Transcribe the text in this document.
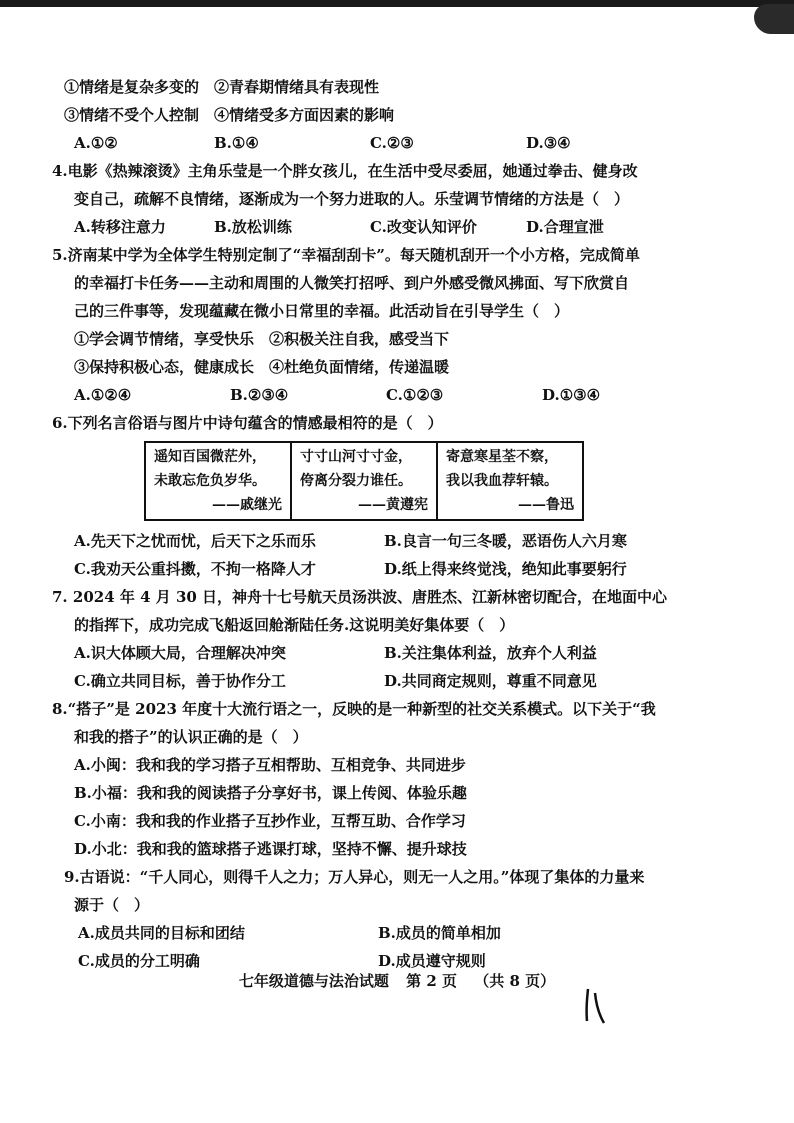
①情绪是复杂多变的　 ②青春期情绪具有表现性
③情绪不受个人控制　 ④情绪受多方面因素的影响
A.①②	B.①④	C.②③	D.③④
4.电影《热辣滚烫》主角乐莹是一个胖女孩儿，在生活中受尽委屈，她通过拳击、健身改
变自己，疏解不良情绪，逐渐成为一个努力进取的人。乐莹调节情绪的方法是（　）
A.转移注意力	B.放松训练	C.改变认知评价	D.合理宣泄
5.济南某中学为全体学生特别定制了“幸福刮刮卡”。每天随机刮开一个小方格，完成简单
的幸福打卡任务——主动和周围的人微笑打招呼、到户外感受微风拂面、写下欣赏自
己的三件事等，发现蕴藏在微小日常里的幸福。此活动旨在引导学生（　）
①学会调节情绪，享受快乐　②积极关注自我，感受当下
③保持积极心态，健康成长　④杜绝负面情绪，传递温暖
A.①②④	B.②③④	C.①②③	D.①③④
6.下列名言俗语与图片中诗句蕴含的情感最相符的是（　）
遥知百国微茫外，
未敢忘危负岁华。
——戚继光

寸寸山河寸寸金，
侉离分裂力谁任。
——黄遵宪

寄意寒星荃不察，
我以我血荐轩辕。
——鲁迅
A.先天下之忧而忧，后天下之乐而乐	B.良言一句三冬暖，恶语伤人六月寒
C.我劝天公重抖擞，不拘一格降人才	D.纸上得来终觉浅，绝知此事要躬行
7. 2024 年 4 月 30 日，神舟十七号航天员汤洪波、唐胜杰、江新林密切配合，在地面中心
的指挥下，成功完成飞船返回舱渐陆任务.这说明美好集体要（　）
A.识大体顾大局，合理解决冲突	B.关注集体利益，放弃个人利益
C.确立共同目标，善于协作分工	D.共同商定规则，尊重不同意见
8.“搭子”是 2023 年度十大流行语之一，反映的是一种新型的社交关系模式。以下关于“我
和我的搭子”的认识正确的是（　）
A.小闽：我和我的学习搭子互相帮助、互相竞争、共同进步
B.小福：我和我的阅读搭子分享好书，课上传阅、体验乐趣
C.小南：我和我的作业搭子互抄作业，互帮互助、合作学习
D.小北：我和我的篮球搭子逃课打球，坚持不懈、提升球技
9.古语说：“千人同心，则得千人之力；万人异心，则无一人之用。”体现了集体的力量来
源于（　）
A.成员共同的目标和团结	B.成员的简单相加
C.成员的分工明确	D.成员遵守规则
七年级道德与法治试题 第 2 页 （共 8 页）
